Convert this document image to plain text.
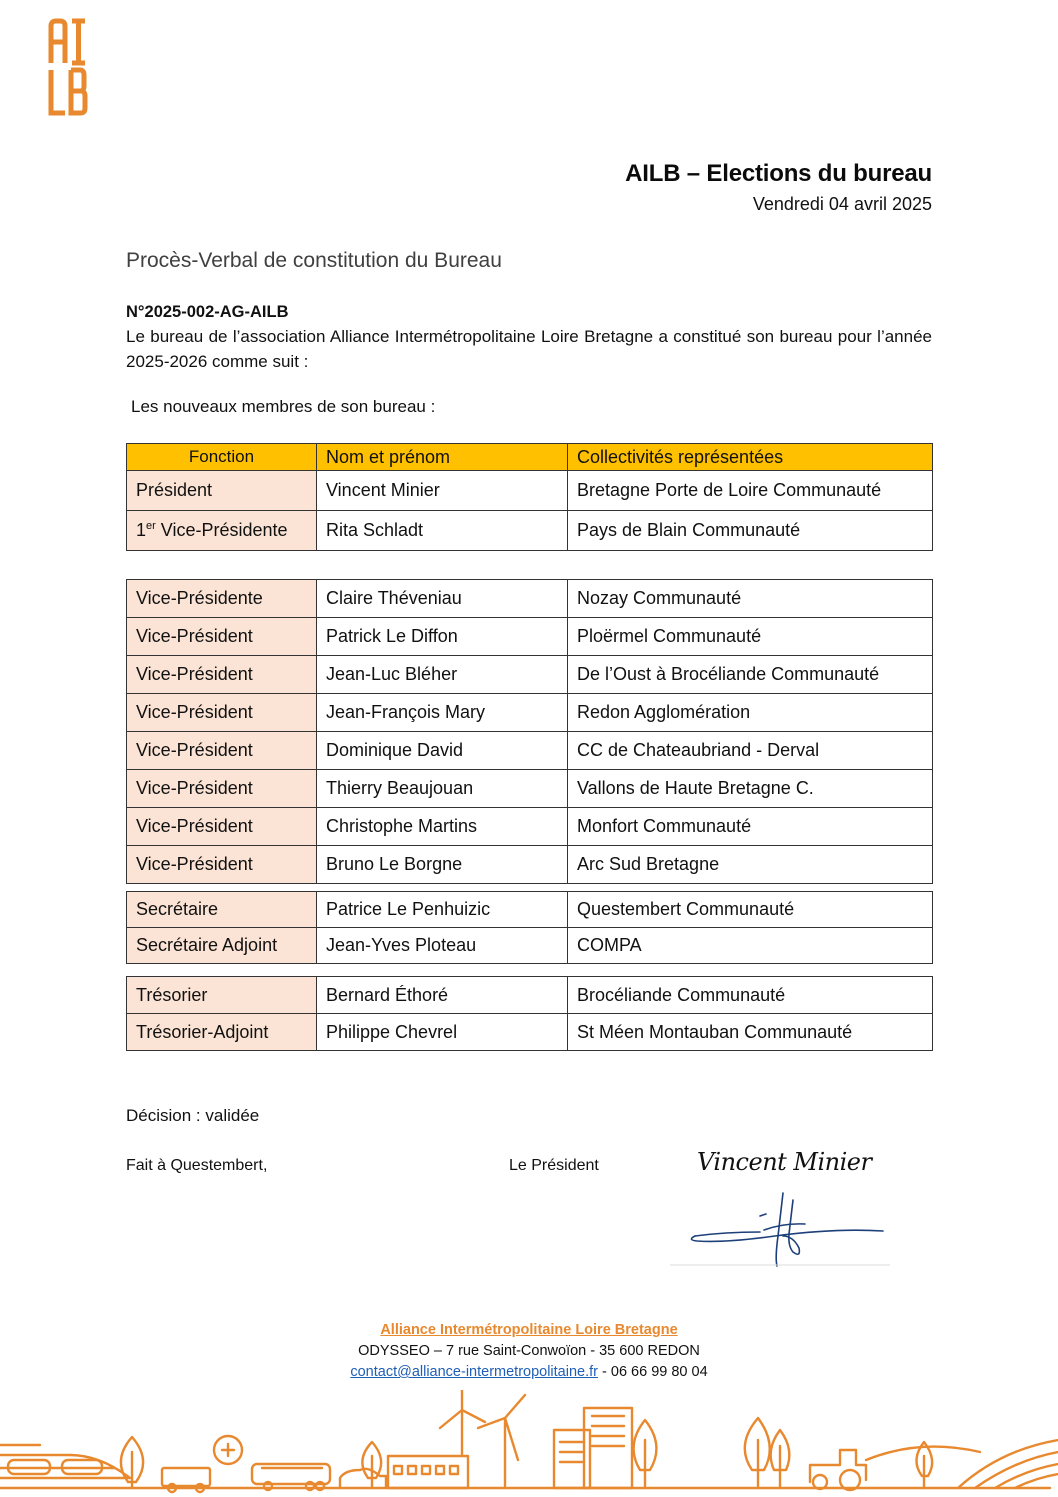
AILB – Elections du bureau
Vendredi 04 avril 2025
Procès-Verbal de constitution du Bureau
N°2025-002-AG-AILB
Le bureau de l’association Alliance Intermétropolitaine Loire Bretagne a constitué son bureau pour l’année 2025-2026 comme suit :
Les nouveaux membres de son bureau :
Fonction	Nom et prénom	Collectivités représentées
Président	Vincent Minier	Bretagne Porte de Loire Communauté
1er Vice-Présidente	Rita Schladt	Pays de Blain Communauté
Vice-Présidente	Claire Théveniau	Nozay Communauté
Vice-Président	Patrick Le Diffon	Ploërmel Communauté
Vice-Président	Jean-Luc Bléher	De l’Oust à Brocéliande Communauté
Vice-Président	Jean-François Mary	Redon Agglomération
Vice-Président	Dominique David	CC de Chateaubriand - Derval
Vice-Président	Thierry Beaujouan	Vallons de Haute Bretagne C.
Vice-Président	Christophe Martins	Monfort Communauté
Vice-Président	Bruno Le Borgne	Arc Sud Bretagne
Secrétaire	Patrice Le Penhuizic	Questembert Communauté
Secrétaire Adjoint	Jean-Yves Ploteau	COMPA
Trésorier	Bernard Éthoré	Brocéliande Communauté
Trésorier-Adjoint	Philippe Chevrel	St Méen Montauban Communauté
Décision : validée
Fait à Questembert,	Le Président	Vincent Minier
Alliance Intermétropolitaine Loire Bretagne
ODYSSEO – 7 rue Saint-Conwoïon - 35 600 REDON
contact@alliance-intermetropolitaine.fr - 06 66 99 80 04
